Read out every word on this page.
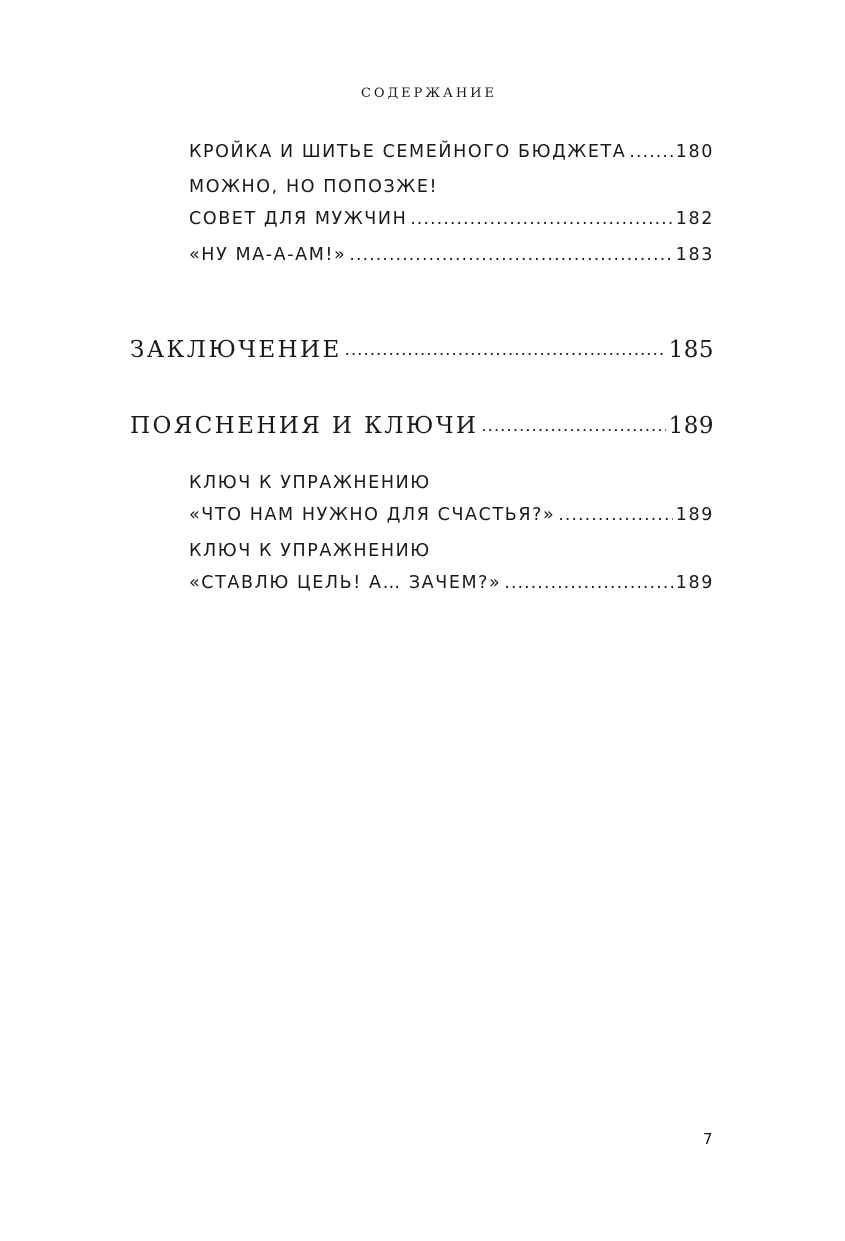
СОДЕРЖАНИЕ
КРОЙКА И ШИТЬЕ СЕМЕЙНОГО БЮДЖЕТА .....	180
МОЖНО, НО ПОПОЗЖЕ!
СОВЕТ ДЛЯ МУЖЧИН .....	182
«НУ МА-А-АМ!» .....	183
ЗАКЛЮЧЕНИЕ .....	185
ПОЯСНЕНИЯ И КЛЮЧИ .....	189
КЛЮЧ К УПРАЖНЕНИЮ
«ЧТО НАМ НУЖНО ДЛЯ СЧАСТЬЯ?» .....	189
КЛЮЧ К УПРАЖНЕНИЮ
«СТАВЛЮ ЦЕЛЬ! А… ЗАЧЕМ?» .....	189
7
